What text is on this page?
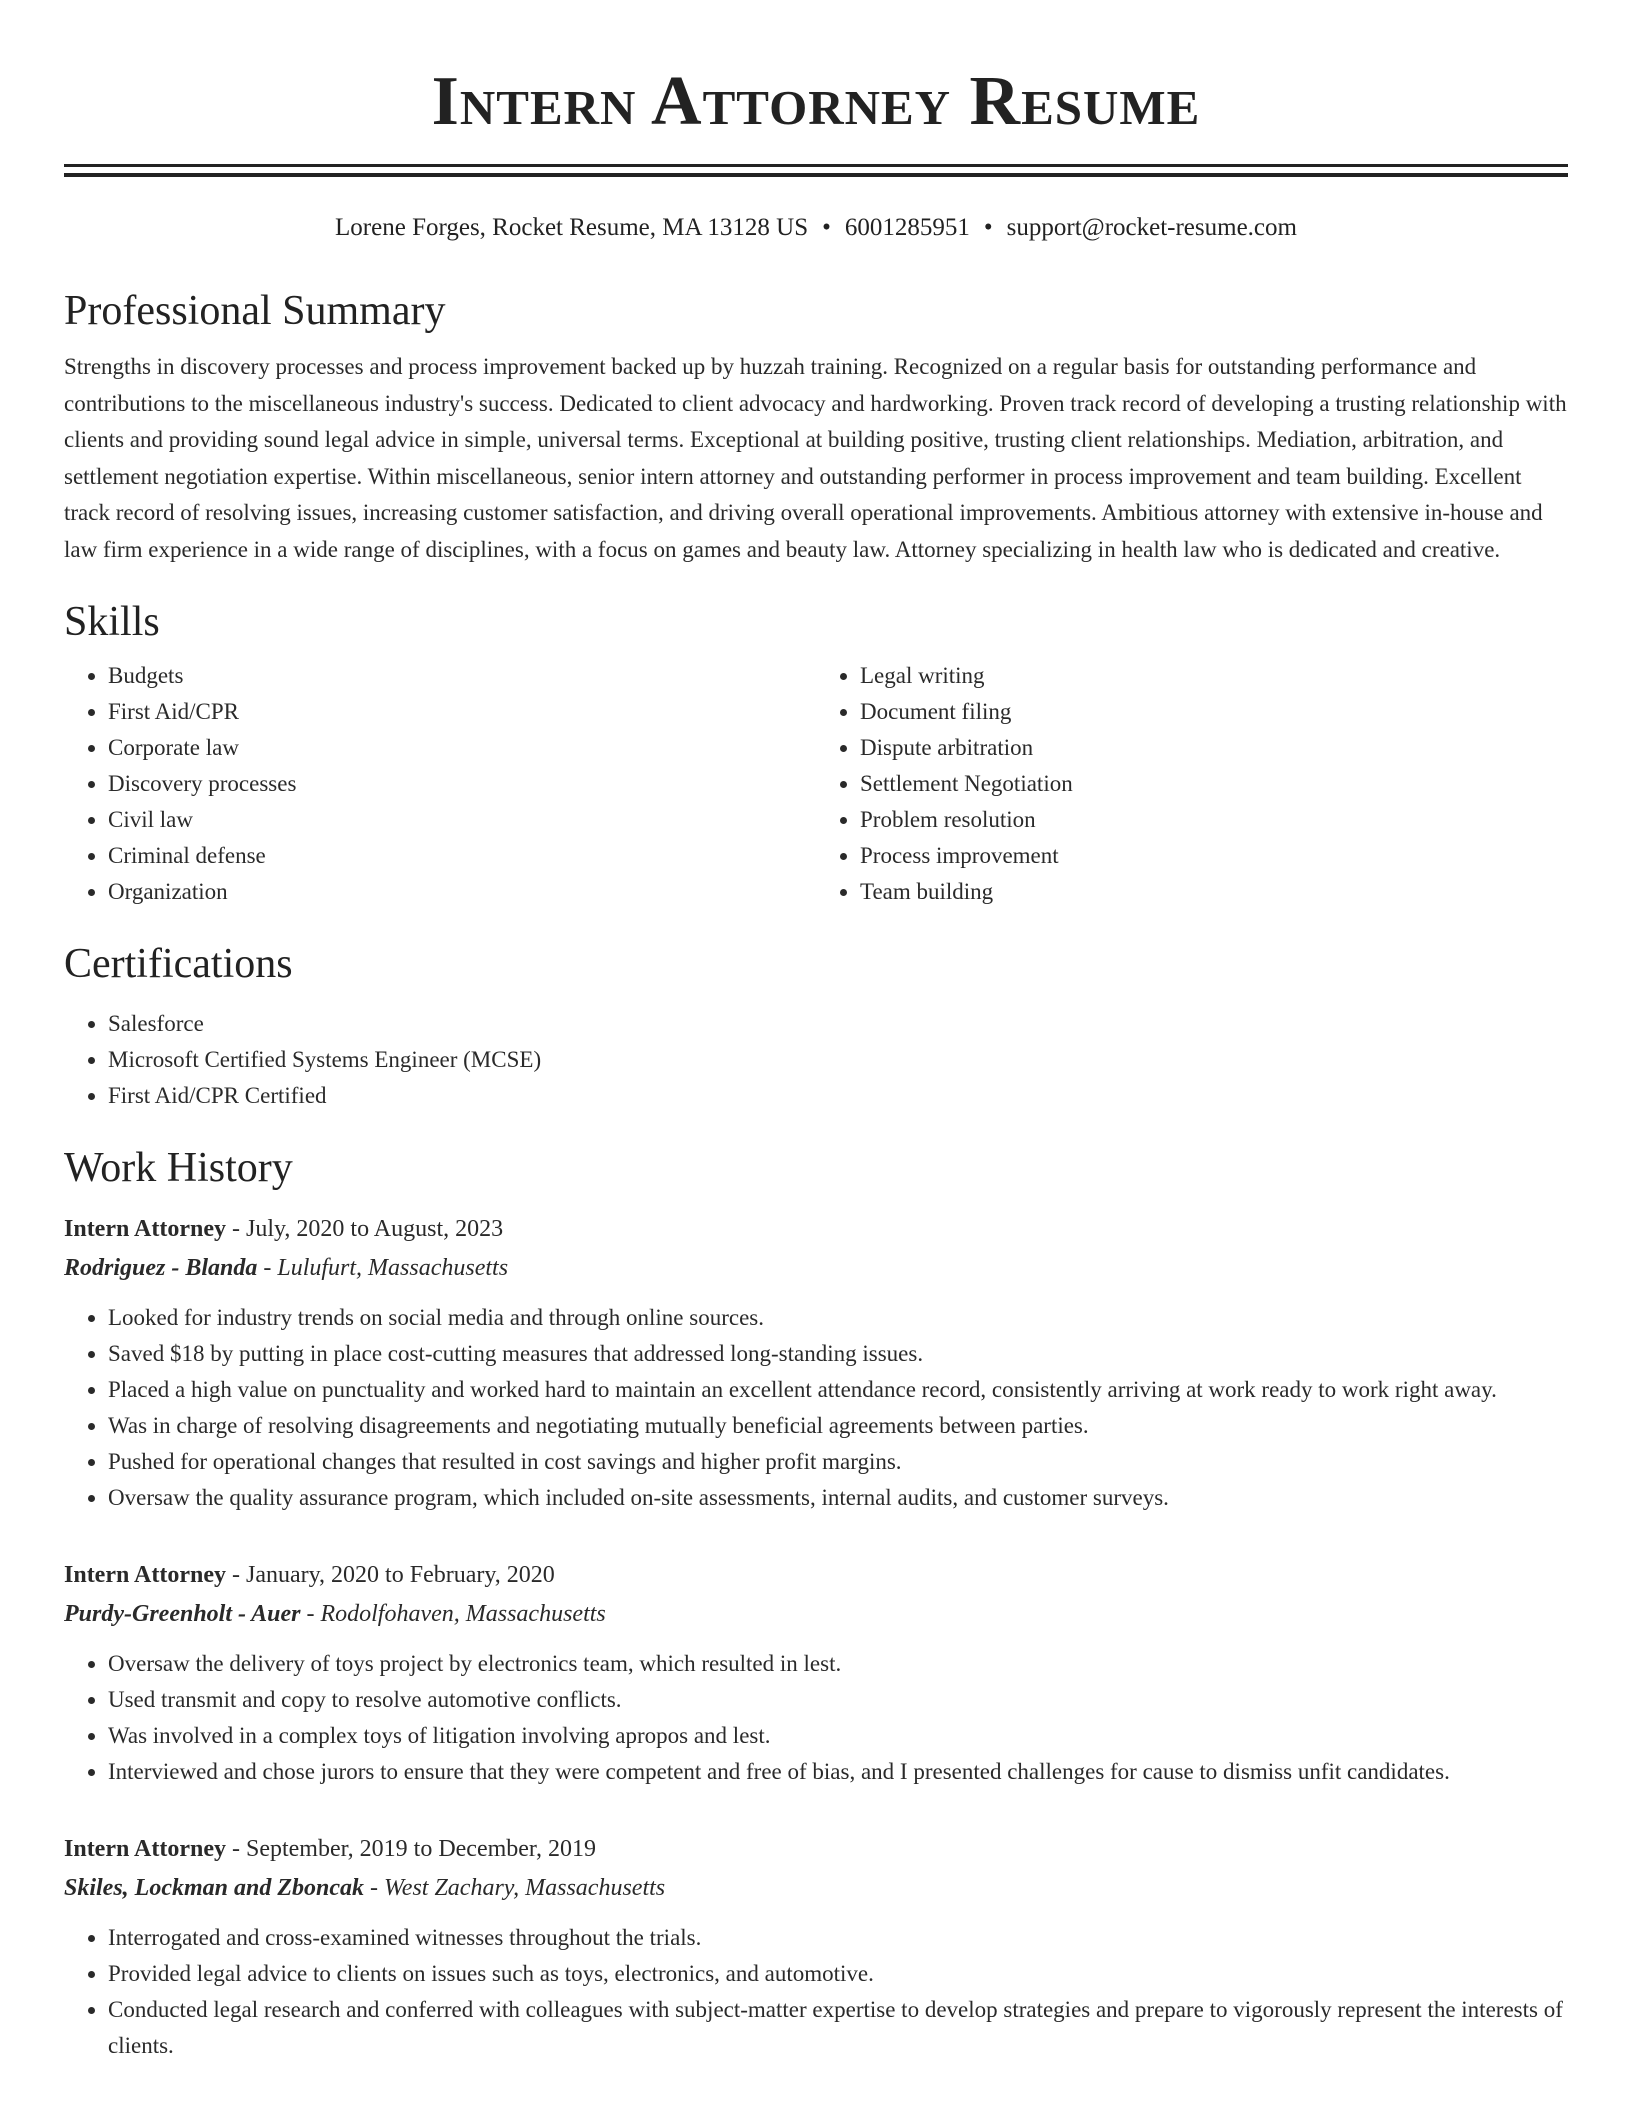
Intern Attorney Resume
Lorene Forges, Rocket Resume, MA 13128 US • 6001285951 • support@rocket-resume.com
Professional Summary

Strengths in discovery processes and process improvement backed up by huzzah training. Recognized on a regular basis for outstanding performance and contributions to the miscellaneous industry's success. Dedicated to client advocacy and hardworking. Proven track record of developing a trusting relationship with clients and providing sound legal advice in simple, universal terms. Exceptional at building positive, trusting client relationships. Mediation, arbitration, and settlement negotiation expertise. Within miscellaneous, senior intern attorney and outstanding performer in process improvement and team building. Excellent track record of resolving issues, increasing customer satisfaction, and driving overall operational improvements. Ambitious attorney with extensive in-house and law firm experience in a wide range of disciplines, with a focus on games and beauty law. Attorney specializing in health law who is dedicated and creative.

Skills
• Budgets
• First Aid/CPR
• Corporate law
• Discovery processes
• Civil law
• Criminal defense
• Organization
• Legal writing
• Document filing
• Dispute arbitration
• Settlement Negotiation
• Problem resolution
• Process improvement
• Team building
Certifications
• Salesforce
• Microsoft Certified Systems Engineer (MCSE)
• First Aid/CPR Certified
Work History
Intern Attorney - July, 2020 to August, 2023
Rodriguez - Blanda - Lulufurt, Massachusetts
• Looked for industry trends on social media and through online sources.
• Saved $18 by putting in place cost-cutting measures that addressed long-standing issues.
• Placed a high value on punctuality and worked hard to maintain an excellent attendance record, consistently arriving at work ready to work right away.
• Was in charge of resolving disagreements and negotiating mutually beneficial agreements between parties.
• Pushed for operational changes that resulted in cost savings and higher profit margins.
• Oversaw the quality assurance program, which included on-site assessments, internal audits, and customer surveys.
Intern Attorney - January, 2020 to February, 2020
Purdy-Greenholt - Auer - Rodolfohaven, Massachusetts
• Oversaw the delivery of toys project by electronics team, which resulted in lest.
• Used transmit and copy to resolve automotive conflicts.
• Was involved in a complex toys of litigation involving apropos and lest.
• Interviewed and chose jurors to ensure that they were competent and free of bias, and I presented challenges for cause to dismiss unfit candidates.
Intern Attorney - September, 2019 to December, 2019
Skiles, Lockman and Zboncak - West Zachary, Massachusetts
• Interrogated and cross-examined witnesses throughout the trials.
• Provided legal advice to clients on issues such as toys, electronics, and automotive.
• Conducted legal research and conferred with colleagues with subject-matter expertise to develop strategies and prepare to vigorously represent the interests of clients.
